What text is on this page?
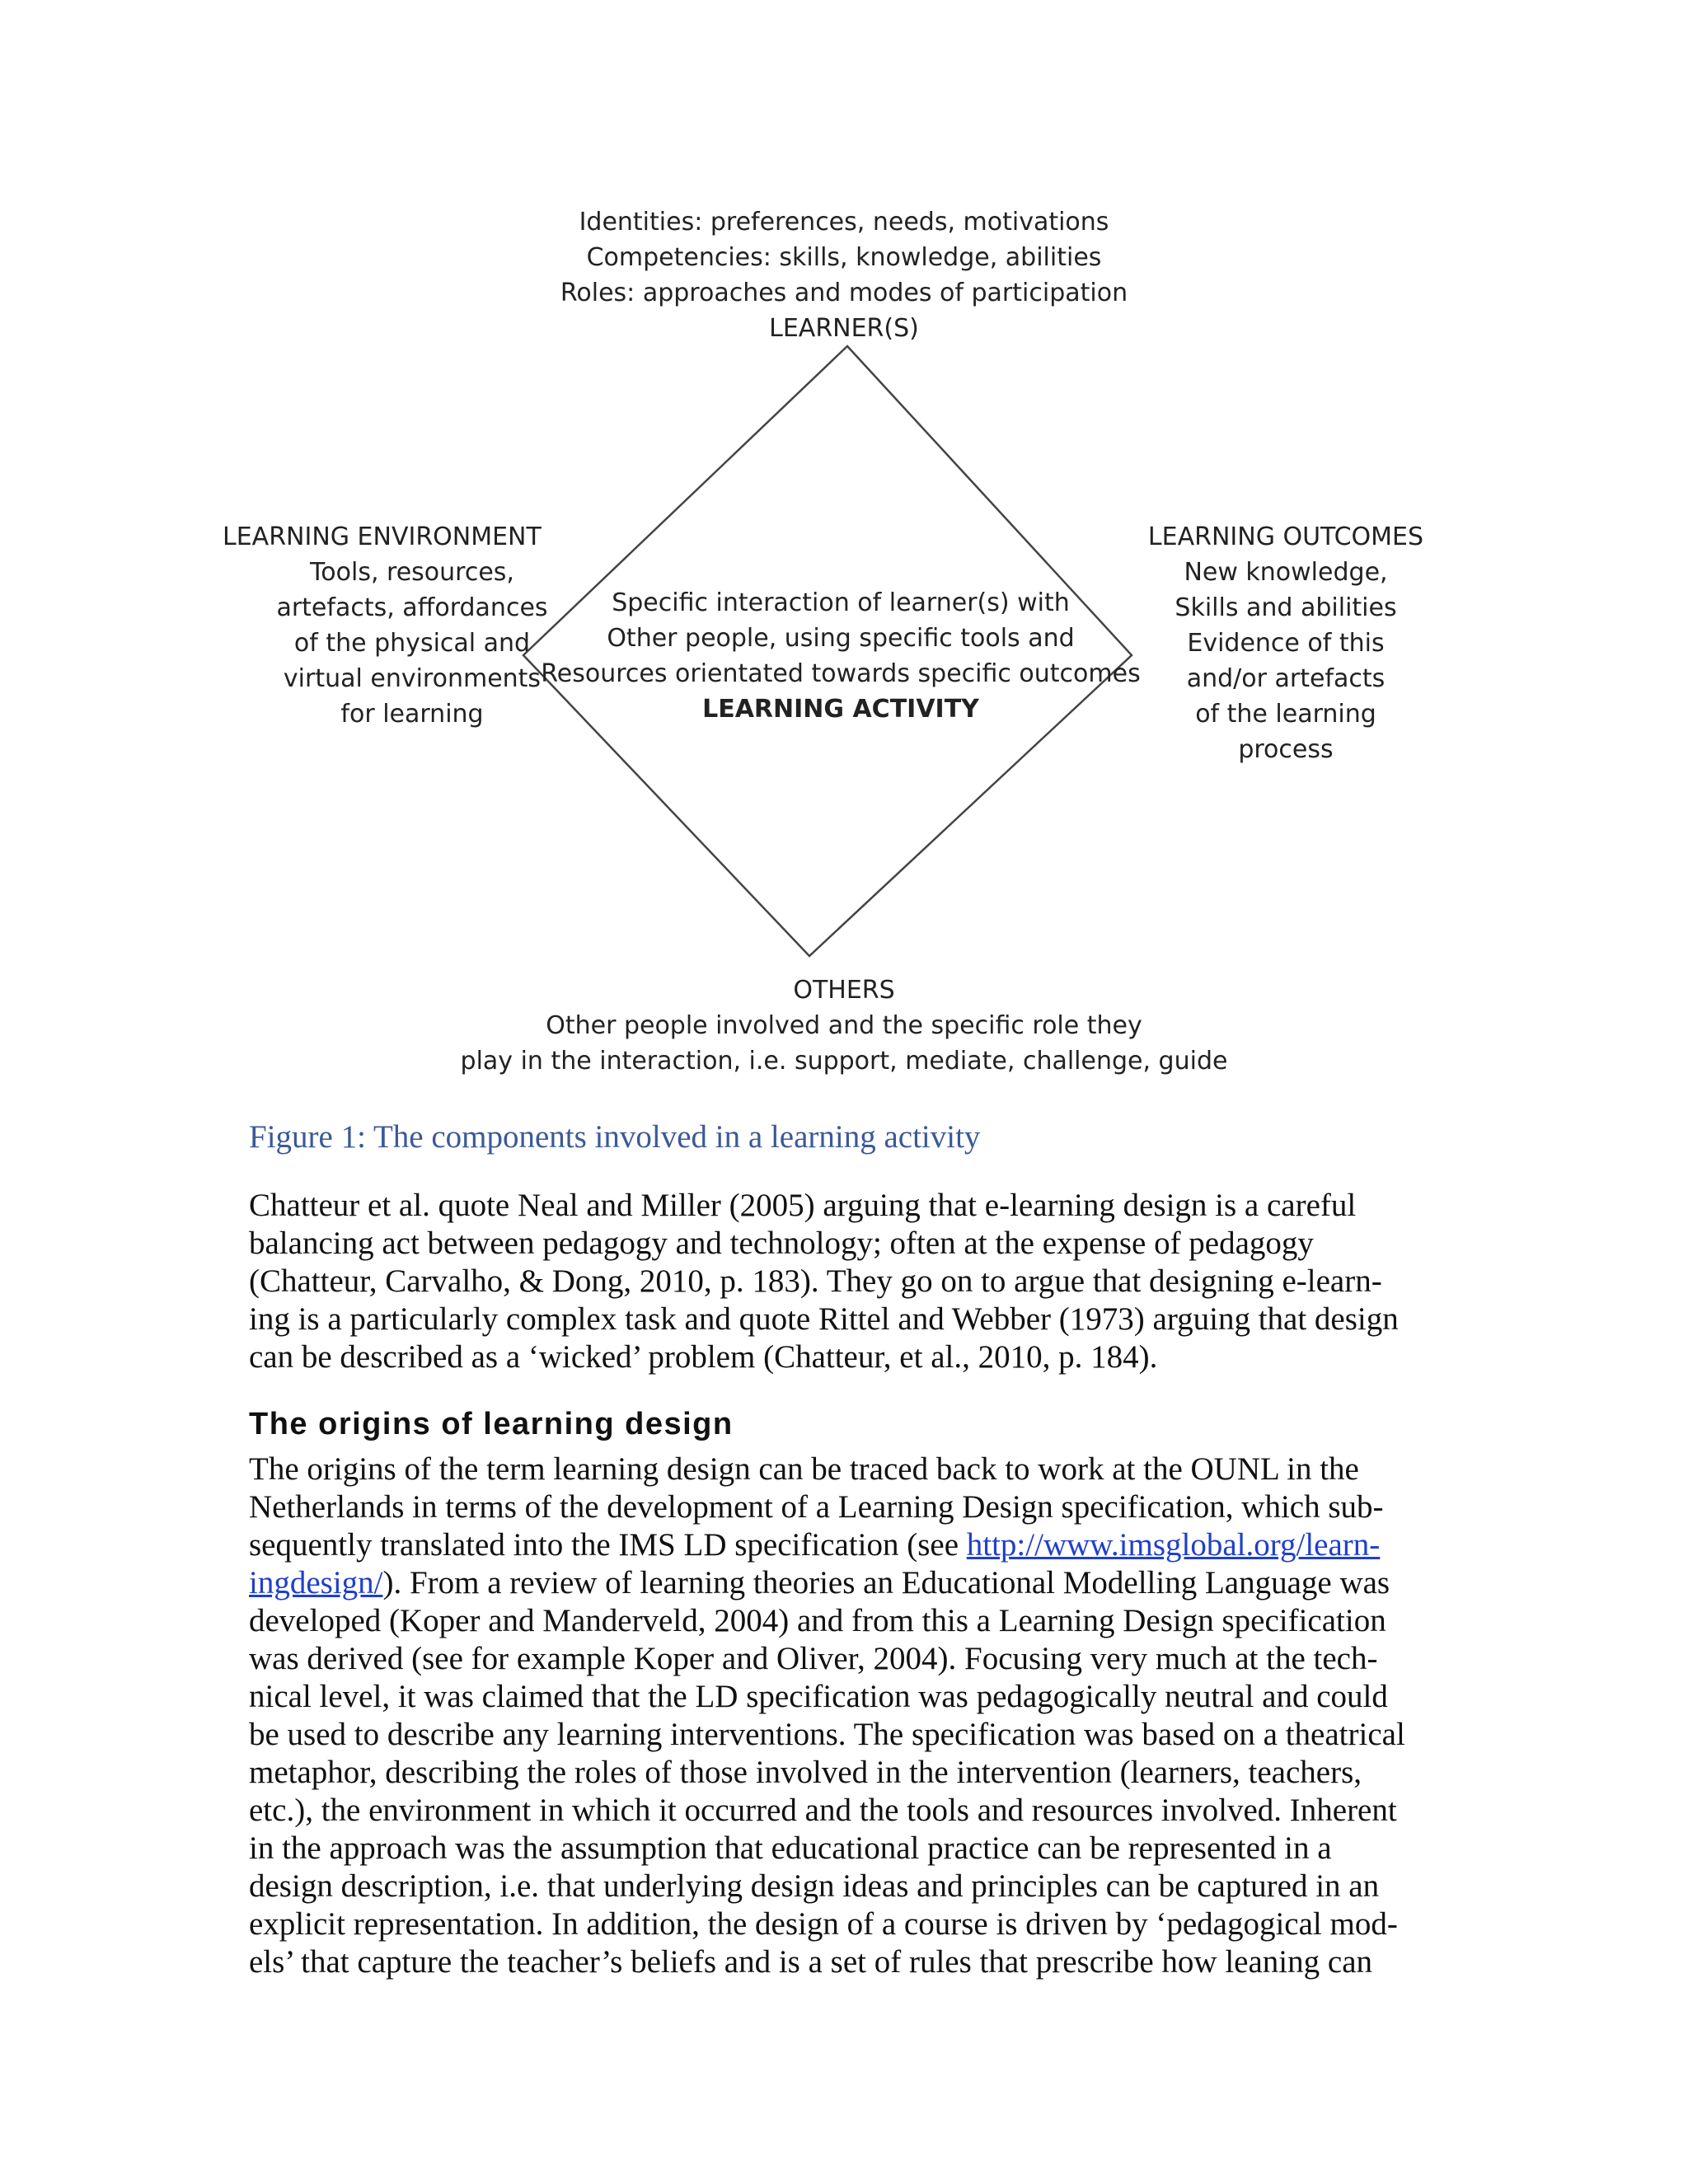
Identities: preferences, needs, motivations
Competencies: skills, knowledge, abilities
Roles: approaches and modes of participation
LEARNER(S)
LEARNING ENVIRONMENT
Tools, resources,
artefacts, affordances
of the physical and
virtual environments
for learning
LEARNING OUTCOMES
New knowledge,
Skills and abilities
Evidence of this
and/or artefacts
of the learning
process
Specific interaction of learner(s) with
Other people, using specific tools and
Resources orientated towards specific outcomes
LEARNING ACTIVITY
OTHERS
Other people involved and the specific role they
play in the interaction, i.e. support, mediate, challenge, guide
Figure 1: The components involved in a learning activity
Chatteur et al. quote Neal and Miller (2005) arguing that e-learning design is a careful
balancing act between pedagogy and technology; often at the expense of pedagogy
(Chatteur, Carvalho, & Dong, 2010, p. 183). They go on to argue that designing e-learn-
ing is a particularly complex task and quote Rittel and Webber (1973) arguing that design
can be described as a ‘wicked’ problem (Chatteur, et al., 2010, p. 184).
The origins of learning design
The origins of the term learning design can be traced back to work at the OUNL in the
Netherlands in terms of the development of a Learning Design specification, which sub-
sequently translated into the IMS LD specification (see http://www.imsglobal.org/learn-
ingdesign/). From a review of learning theories an Educational Modelling Language was
developed (Koper and Manderveld, 2004) and from this a Learning Design specification
was derived (see for example Koper and Oliver, 2004). Focusing very much at the tech-
nical level, it was claimed that the LD specification was pedagogically neutral and could
be used to describe any learning interventions. The specification was based on a theatrical
metaphor, describing the roles of those involved in the intervention (learners, teachers,
etc.), the environment in which it occurred and the tools and resources involved. Inherent
in the approach was the assumption that educational practice can be represented in a
design description, i.e. that underlying design ideas and principles can be captured in an
explicit representation. In addition, the design of a course is driven by ‘pedagogical mod-
els’ that capture the teacher’s beliefs and is a set of rules that prescribe how leaning can
